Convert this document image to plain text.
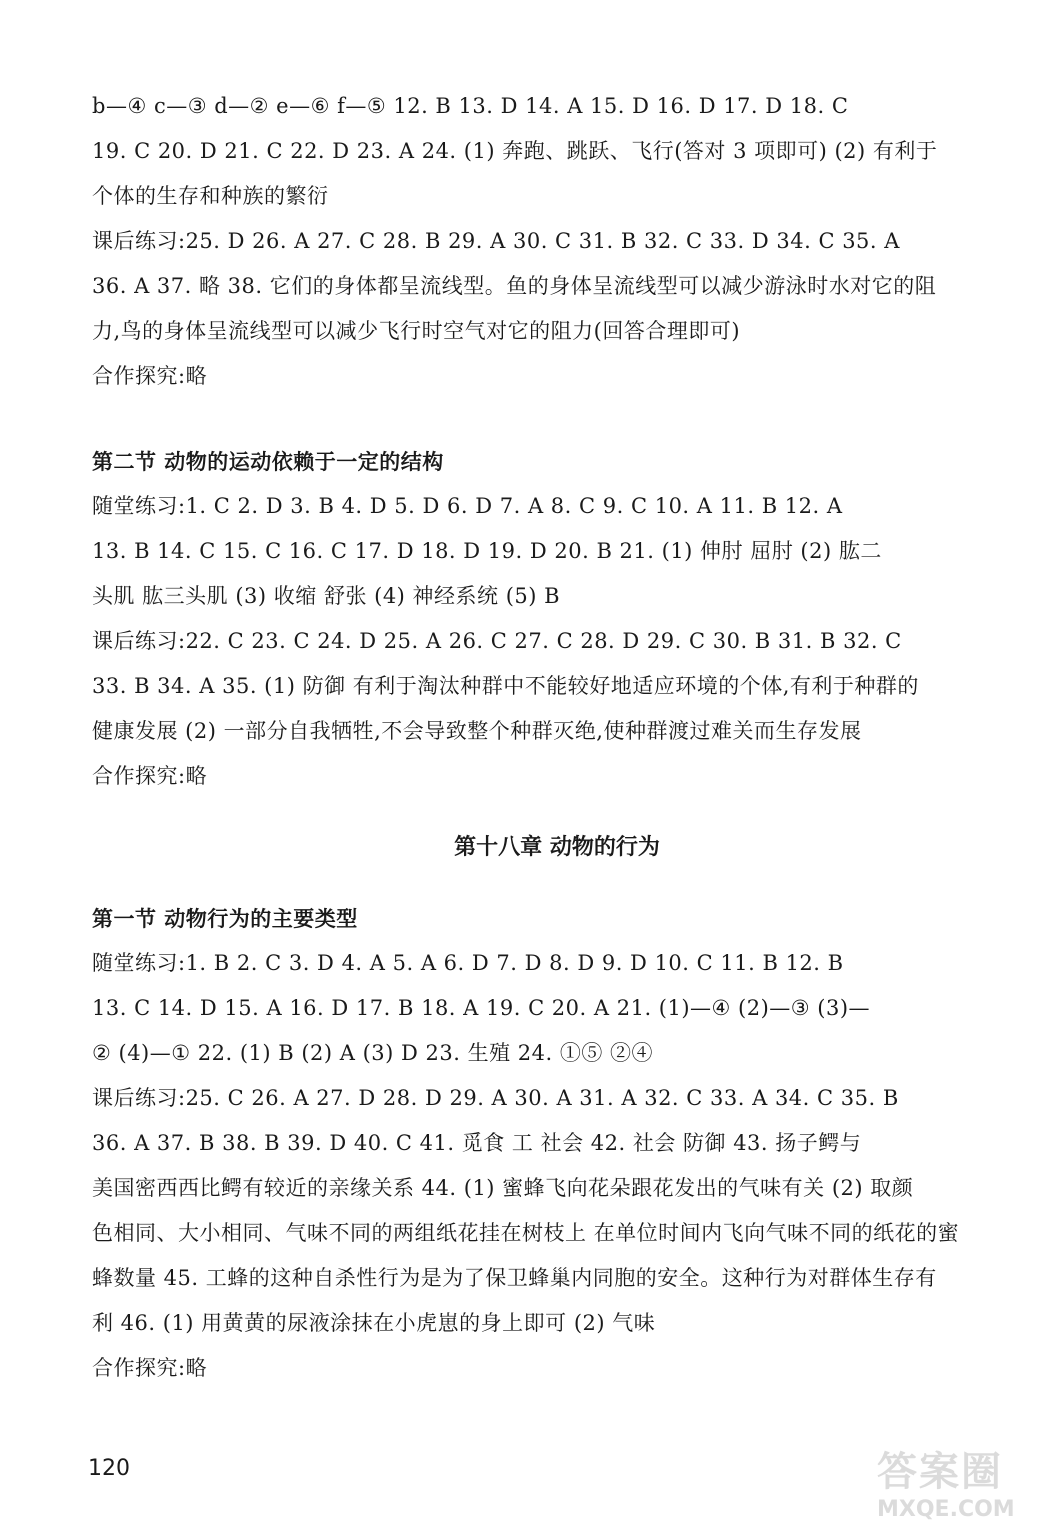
b—④ c—③ d—② e—⑥ f—⑤ 12. B 13. D 14. A 15. D 16. D 17. D 18. C
19. C 20. D 21. C 22. D 23. A 24. (1) 奔跑、跳跃、飞行(答对 3 项即可) (2) 有利于
个体的生存和种族的繁衍
课后练习:25. D 26. A 27. C 28. B 29. A 30. C 31. B 32. C 33. D 34. C 35. A
36. A 37. 略 38. 它们的身体都呈流线型。鱼的身体呈流线型可以减少游泳时水对它的阻
力,鸟的身体呈流线型可以减少飞行时空气对它的阻力(回答合理即可)
合作探究:略
第二节 动物的运动依赖于一定的结构
随堂练习:1. C 2. D 3. B 4. D 5. D 6. D 7. A 8. C 9. C 10. A 11. B 12. A
13. B 14. C 15. C 16. C 17. D 18. D 19. D 20. B 21. (1) 伸肘 屈肘 (2) 肱二
头肌 肱三头肌 (3) 收缩 舒张 (4) 神经系统 (5) B
课后练习:22. C 23. C 24. D 25. A 26. C 27. C 28. D 29. C 30. B 31. B 32. C
33. B 34. A 35. (1) 防御 有利于淘汰种群中不能较好地适应环境的个体,有利于种群的
健康发展 (2) 一部分自我牺牲,不会导致整个种群灭绝,使种群渡过难关而生存发展
合作探究:略
第十八章 动物的行为
第一节 动物行为的主要类型
随堂练习:1. B 2. C 3. D 4. A 5. A 6. D 7. D 8. D 9. D 10. C 11. B 12. B
13. C 14. D 15. A 16. D 17. B 18. A 19. C 20. A 21. (1)—④ (2)—③ (3)—
② (4)—① 22. (1) B (2) A (3) D 23. 生殖 24. ①⑤ ②④
课后练习:25. C 26. A 27. D 28. D 29. A 30. A 31. A 32. C 33. A 34. C 35. B
36. A 37. B 38. B 39. D 40. C 41. 觅食 工 社会 42. 社会 防御 43. 扬子鳄与
美国密西西比鳄有较近的亲缘关系 44. (1) 蜜蜂飞向花朵跟花发出的气味有关 (2) 取颜
色相同、大小相同、气味不同的两组纸花挂在树枝上 在单位时间内飞向气味不同的纸花的蜜
蜂数量 45. 工蜂的这种自杀性行为是为了保卫蜂巢内同胞的安全。这种行为对群体生存有
利 46. (1) 用黄黄的尿液涂抹在小虎崽的身上即可 (2) 气味
合作探究:略
120	答案圈
MXQE.COM
